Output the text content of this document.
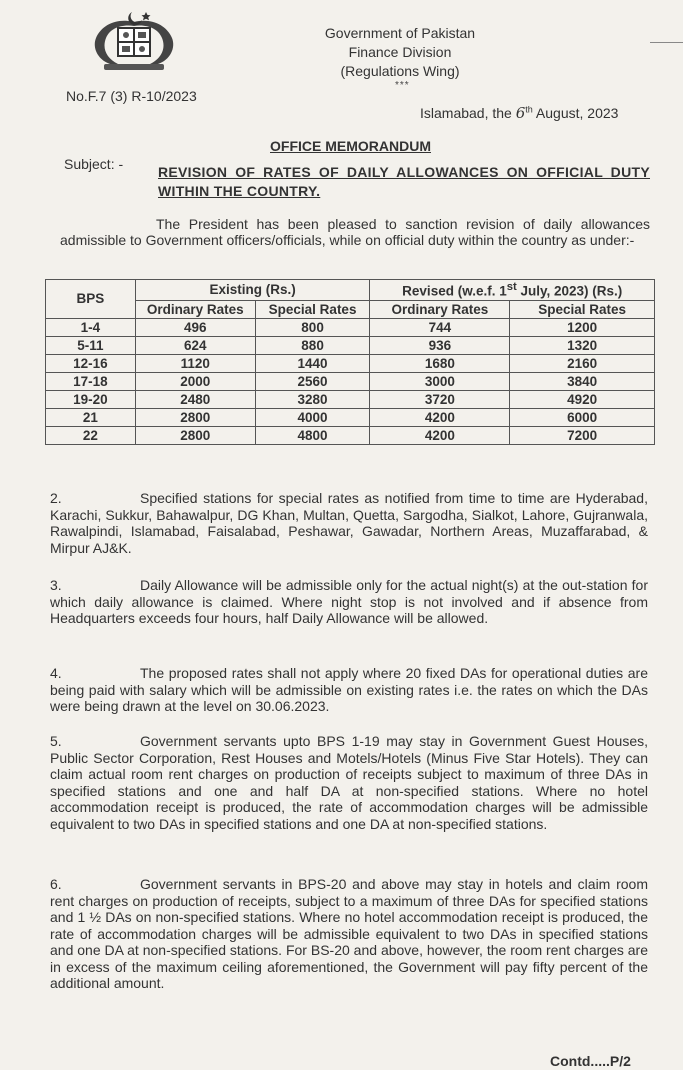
Government of Pakistan
Finance Division
(Regulations Wing)
***
No.F.7 (3) R-10/2023
Islamabad, the 6th August, 2023
OFFICE MEMORANDUM
Subject: - REVISION OF RATES OF DAILY ALLOWANCES ON OFFICIAL DUTY WITHIN THE COUNTRY.
The President has been pleased to sanction revision of daily allowances admissible to Government officers/officials, while on official duty within the country as under:-
BPS	Existing (Rs.)		Revised (w.e.f. 1st July, 2023) (Rs.)	
	Ordinary Rates	Special Rates	Ordinary Rates	Special Rates
1-4	496	800	744	1200
5-11	624	880	936	1320
12-16	1120	1440	1680	2160
17-18	2000	2560	3000	3840
19-20	2480	3280	3720	4920
21	2800	4000	4200	6000
22	2800	4800	4200	7200
2.	Specified stations for special rates as notified from time to time are Hyderabad, Karachi, Sukkur, Bahawalpur, DG Khan, Multan, Quetta, Sargodha, Sialkot, Lahore, Gujranwala, Rawalpindi, Islamabad, Faisalabad, Peshawar, Gawadar, Northern Areas, Muzaffarabad, & Mirpur AJ&K.
3.	Daily Allowance will be admissible only for the actual night(s) at the out-station for which daily allowance is claimed. Where night stop is not involved and if absence from Headquarters exceeds four hours, half Daily Allowance will be allowed.
4.	The proposed rates shall not apply where 20 fixed DAs for operational duties are being paid with salary which will be admissible on existing rates i.e. the rates on which the DAs were being drawn at the level on 30.06.2023.
5.	Government servants upto BPS 1-19 may stay in Government Guest Houses, Public Sector Corporation, Rest Houses and Motels/Hotels (Minus Five Star Hotels). They can claim actual room rent charges on production of receipts subject to maximum of three DAs in specified stations and one and half DA at non-specified stations. Where no hotel accommodation receipt is produced, the rate of accommodation charges will be admissible equivalent to two DAs in specified stations and one DA at non-specified stations.
6.	Government servants in BPS-20 and above may stay in hotels and claim room rent charges on production of receipts, subject to a maximum of three DAs for specified stations and 1 ½ DAs on non-specified stations. Where no hotel accommodation receipt is produced, the rate of accommodation charges will be admissible equivalent to two DAs in specified stations and one DA at non-specified stations. For BS-20 and above, however, the room rent charges are in excess of the maximum ceiling aforementioned, the Government will pay fifty percent of the additional amount.
Contd.....P/2
